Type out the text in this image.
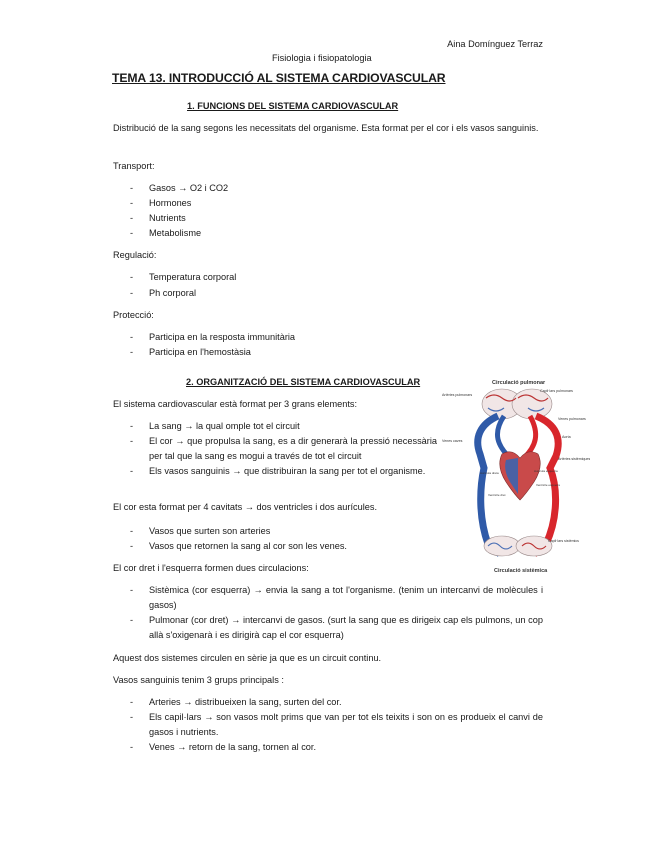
Aina Domínguez Terraz
Fisiologia i fisiopatologia
TEMA 13. INTRODUCCIÓ AL SISTEMA CARDIOVASCULAR
1. FUNCIONS DEL SISTEMA CARDIOVASCULAR
Distribució de la sang segons les necessitats del organisme. Esta format per el cor i els vasos sanguinis.
Transport:
- Gasos → O2 i CO2
- Hormones
- Nutrients
- Metabolisme
Regulació:
- Temperatura corporal
- Ph corporal
Protecció:
- Participa en la resposta immunitària
- Participa en l'hemostàsia
2. ORGANITZACIÓ DEL SISTEMA CARDIOVASCULAR
El sistema cardiovascular està format per 3 grans elements:
- La sang → la qual omple tot el circuit
- El cor → que propulsa la sang, es a dir generarà la pressió necessària per tal que la sang es mogui a través de tot el circuit
- Els vasos sanguinis → que distribuiran la sang per tot el organisme.
El cor esta format per 4 cavitats → dos ventricles i dos aurícules.
- Vasos que surten son arteries
- Vasos que retornen la sang al cor son les venes.
El cor dret i l'esquerra formen dues circulacions:
- Sistèmica (cor esquerra) → envia la sang a tot l'organisme. (tenim un intercanvi de molècules i gasos)
- Pulmonar (cor dret) → intercanvi de gasos. (surt la sang que es dirigeix cap els pulmons, un cop allà s'oxigenarà i es dirigirà cap el cor esquerra)
Aquest dos sistemes circulen en sèrie ja que es un circuit continu.
Vasos sanguinis tenim 3 grups principals :
- Arteries → distribueixen la sang, surten del cor.
- Els capil·lars → son vasos molt prims que van per tot els teixits i son on es produeix el canvi de gasos i nutrients.
- Venes → retorn de la sang, tornen al cor.
Circulació pulmonar
Circulació sistèmica
Artèries pulmonars
Capil·lars pulmonars
Venes pulmonars
Venes caves
Aorta
Artèries sistèmiques
Capil·lars sistèmics
Aurícula dreta
Ventricle dret
Aurícula esquerra
Ventricle esquerre
